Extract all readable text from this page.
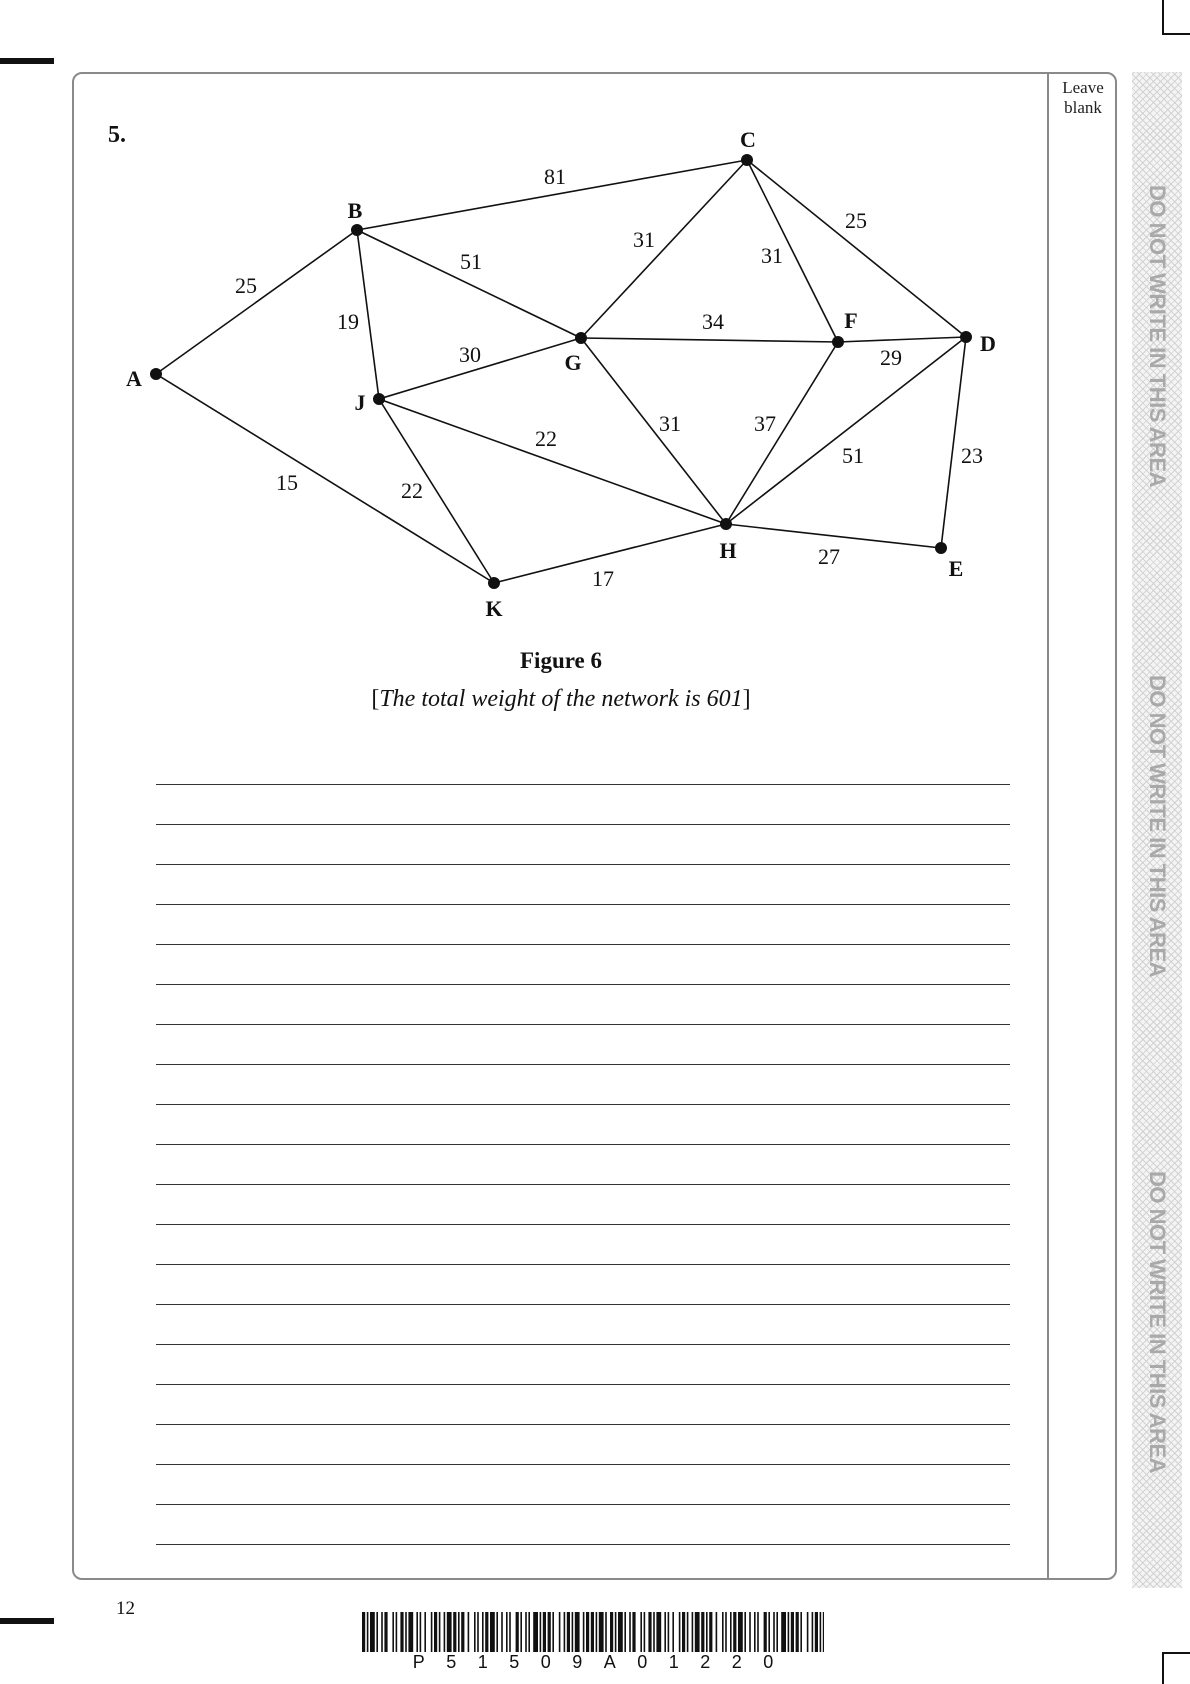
Leave blank
5.
25
15
81
51
19
31
31
25
34
30	29
22
31	37
51	23
22
17
27
A
B
C
D
E
F
G
H
J
K
Figure 6
[The total weight of the network is 601]
DO NOT WRITE IN THIS AREA
DO NOT WRITE IN THIS AREA
DO NOT WRITE IN THIS AREA
12
P 5 1 5 0 9 A 0 1 2 2 0
